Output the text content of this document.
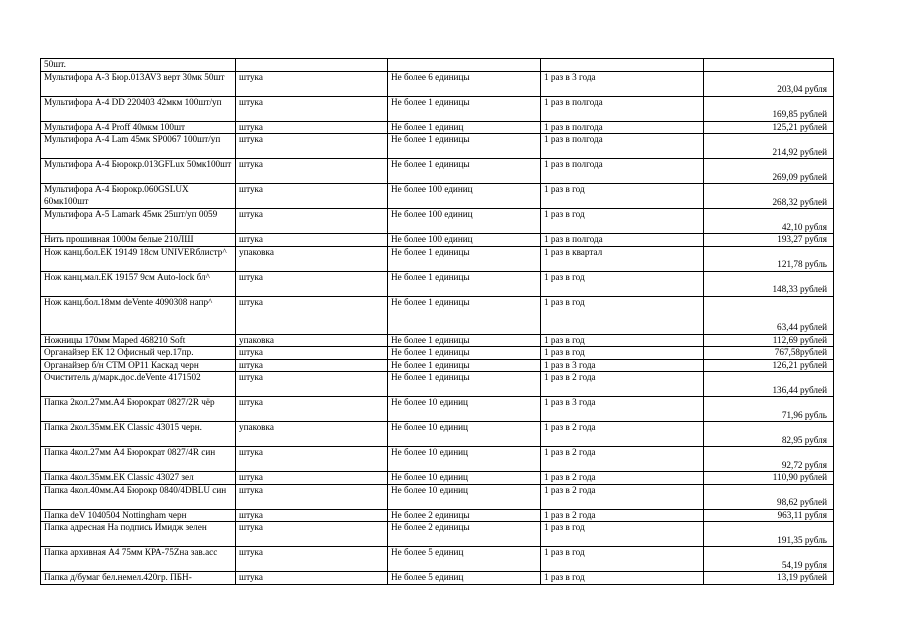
50шт.				
Мультифора А-3 Бюр.013AV3 верт 30мк 50шт	штука	Не более 6 единицы	1 раз в 3 года	203,04 рубля
Мультифора А-4 DD 220403 42мкм 100шт/уп	штука	Не более 1 единицы	1 раз в полгода	169,85 рублей
Мультифора А-4 Proff 40мкм 100шт	штука	Не более 1 единиц	1 раз в полгода	125,21 рублей
Мультифора А-4 Lam 45мк SP0067 100шт/уп	штука	Не более 1 единицы	1 раз в полгода	214,92 рублей
Мультифора А-4 Бюрокр.013GFLux 50мк100шт	штука	Не более 1 единицы	1 раз в полгода	269,09 рублей
Мультифора А-4 Бюрокр.060GSLUX 60мк100шт	штука	Не более 100 единиц	1 раз в год	268,32 рублей
Мультифора А-5 Lamark 45мк 25шт/уп 0059	штука	Не более 100 единиц	1 раз в год	42,10 рубля
Нить прошивная 1000м белые 210ЛШ	штука	Не более 100 единиц	1 раз в полгода	193,27 рубля
Нож канц.бол.ЕК 19149 18см UNIVERблистр^	упаковка	Не более 1 единицы	1 раз в квартал	121,78 рубль
Нож канц.мал.ЕК 19157 9см Auto-lock бл^	штука	Не более 1 единицы	1 раз в год	148,33 рублей
Нож канц.бол.18мм deVente 4090308 напр^	штука	Не более 1 единицы	1 раз в год	63,44 рублей
Ножницы 170мм Maped 468210 Soft	упаковка	Не более 1 единицы	1 раз в год	112,69 рублей
Органайзер ЕК 12 Офисный чер.17пр.	штука	Не более 1 единицы	1 раз в год	767,58рублей
Органайзер б/н СТМ OP11 Каскад черн	штука	Не более 1 единицы	1 раз в 3 года	126,21 рублей
Очиститель д/марк.дос.deVente 4171502	штука	Не более 1 единицы	1 раз в 2 года	136,44 рублей
Папка 2кол.27мм.А4 Бюрократ 0827/2R чёр	штука	Не более 10 единиц	1 раз в 3 года	71,96 рубль
Папка 2кол.35мм.ЕК Classic 43015 черн.	упаковка	Не более 10 единиц	1 раз в 2 года	82,95 рубля
Папка 4кол.27мм А4 Бюрократ 0827/4R син	штука	Не более 10 единиц	1 раз в 2 года	92,72 рубля
Папка 4кол.35мм.ЕК Classic 43027 зел	штука	Не более 10 единиц	1 раз в 2 года	110,90 рублей
Папка 4кол.40мм.А4 Бюрокр 0840/4DBLU син	штука	Не более 10 единиц	1 раз в 2 года	98,62 рублей
Папка deV 1040504 Nottingham черн	штука	Не более 2 единицы	1 раз в 2 года	963,11 рубля
Папка адресная На подпись Имидж зелен	штука	Не более 2 единицы	1 раз в год	191,35 рубль
Папка архивная А4 75мм КРА-75Zна зав.асс	штука	Не более 5 единиц	1 раз в год	54,19 рубля
Папка д/бумаг бел.немел.420гр. ПБН-	штука	Не более 5 единиц	1 раз в год	13,19 рублей
